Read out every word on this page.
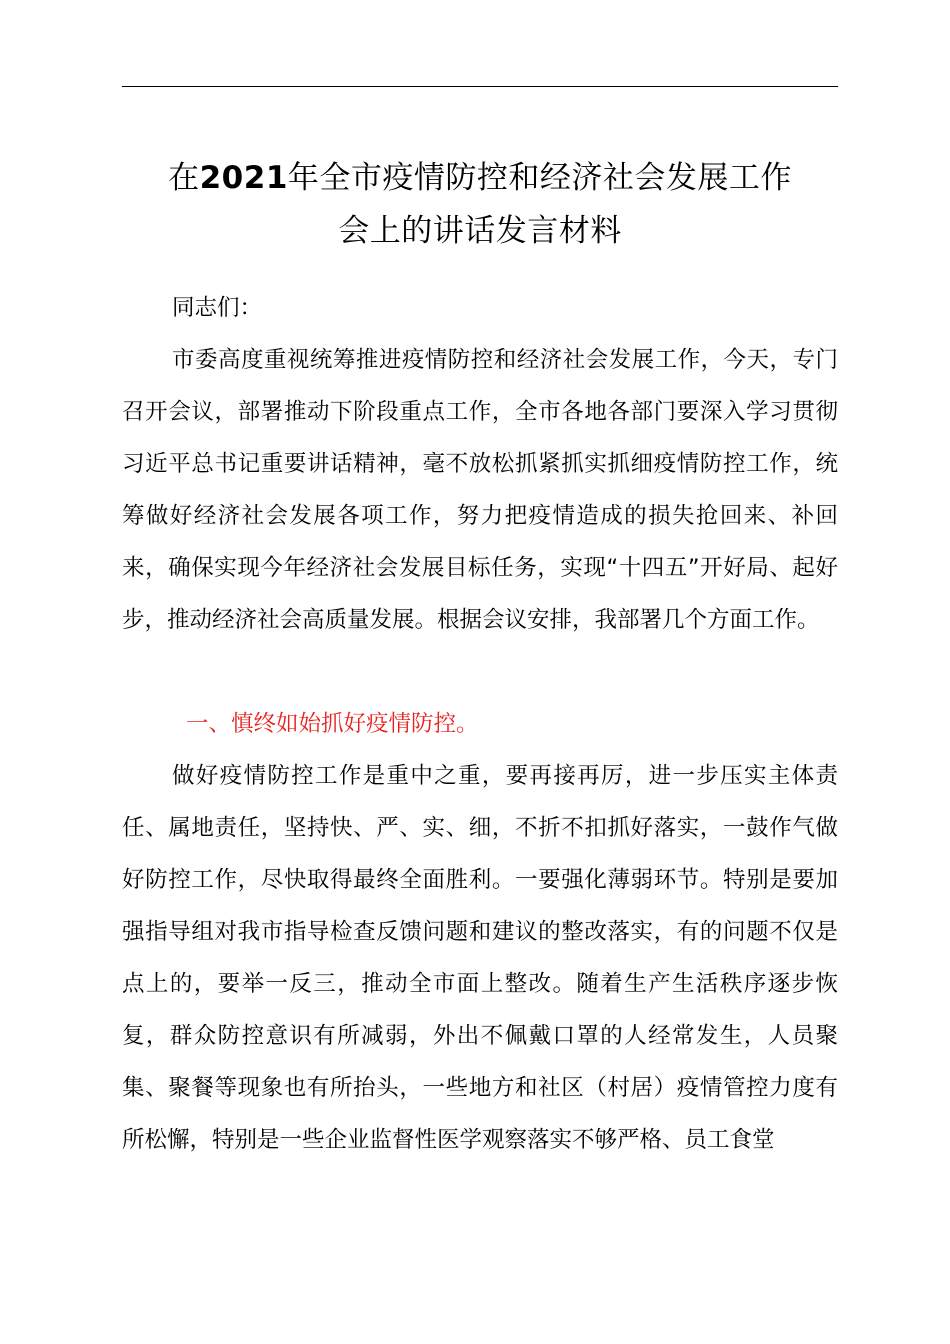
在2021年全市疫情防控和经济社会发展工作
会上的讲话发言材料

同志们：

市委高度重视统筹推进疫情防控和经济社会发展工作，今天，专门召开会议，部署推动下阶段重点工作，全市各地各部门要深入学习贯彻习近平总书记重要讲话精神，毫不放松抓紧抓实抓细疫情防控工作，统筹做好经济社会发展各项工作，努力把疫情造成的损失抢回来、补回来，确保实现今年经济社会发展目标任务，实现“十四五”开好局、起好步，推动经济社会高质量发展。根据会议安排，我部署几个方面工作。

一、慎终如始抓好疫情防控。

做好疫情防控工作是重中之重，要再接再厉，进一步压实主体责任、属地责任，坚持快、严、实、细，不折不扣抓好落实，一鼓作气做好防控工作，尽快取得最终全面胜利。一要强化薄弱环节。特别是要加强指导组对我市指导检查反馈问题和建议的整改落实，有的问题不仅是点上的，要举一反三，推动全市面上整改。随着生产生活秩序逐步恢复，群众防控意识有所减弱，外出不佩戴口罩的人经常发生，人员聚集、聚餐等现象也有所抬头，一些地方和社区（村居）疫情管控力度有所松懈，特别是一些企业监督性医学观察落实不够严格、员工食堂
